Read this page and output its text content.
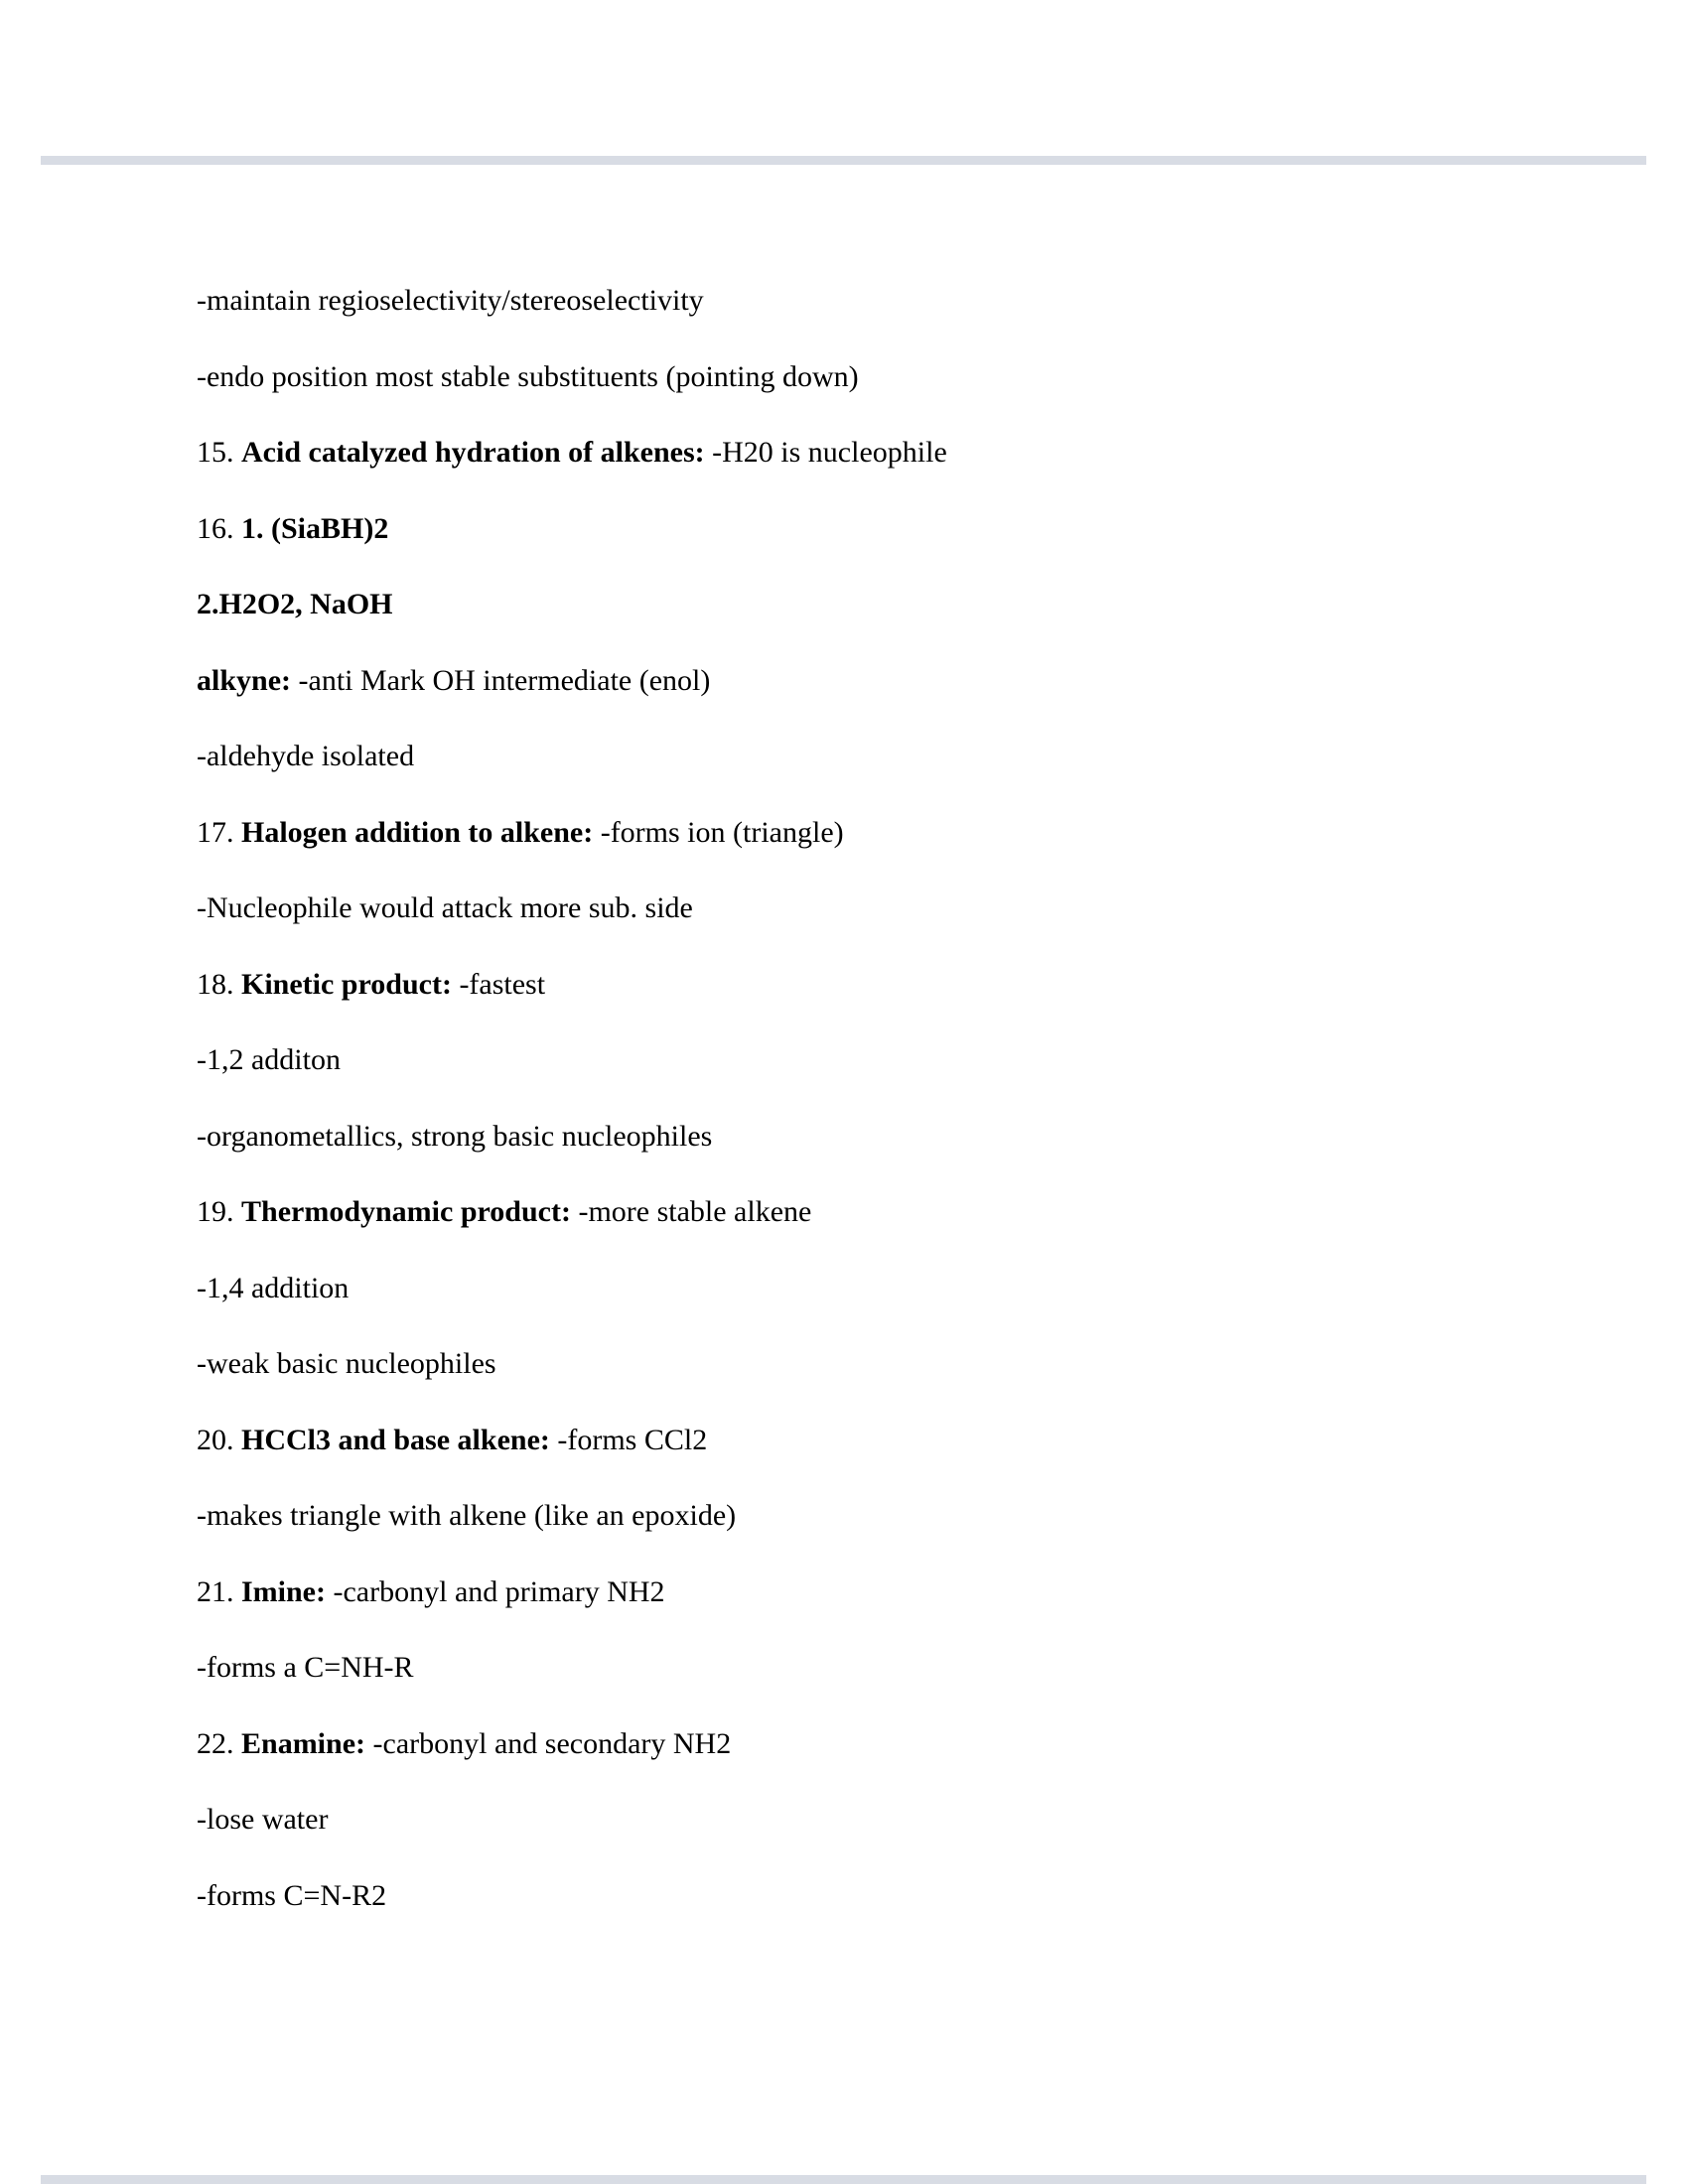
-maintain regioselectivity/stereoselectivity

-endo position most stable substituents (pointing down)

15. Acid catalyzed hydration of alkenes: -H20 is nucleophile

16. 1. (SiaBH)2

2.H2O2, NaOH

alkyne: -anti Mark OH intermediate (enol)

-aldehyde isolated

17. Halogen addition to alkene: -forms ion (triangle)

-Nucleophile would attack more sub. side

18. Kinetic product: -fastest

-1,2 additon

-organometallics, strong basic nucleophiles

19. Thermodynamic product: -more stable alkene

-1,4 addition

-weak basic nucleophiles

20. HCCl3 and base alkene: -forms CCl2

-makes triangle with alkene (like an epoxide)

21. Imine: -carbonyl and primary NH2

-forms a C=NH-R

22. Enamine: -carbonyl and secondary NH2

-lose water

-forms C=N-R2
